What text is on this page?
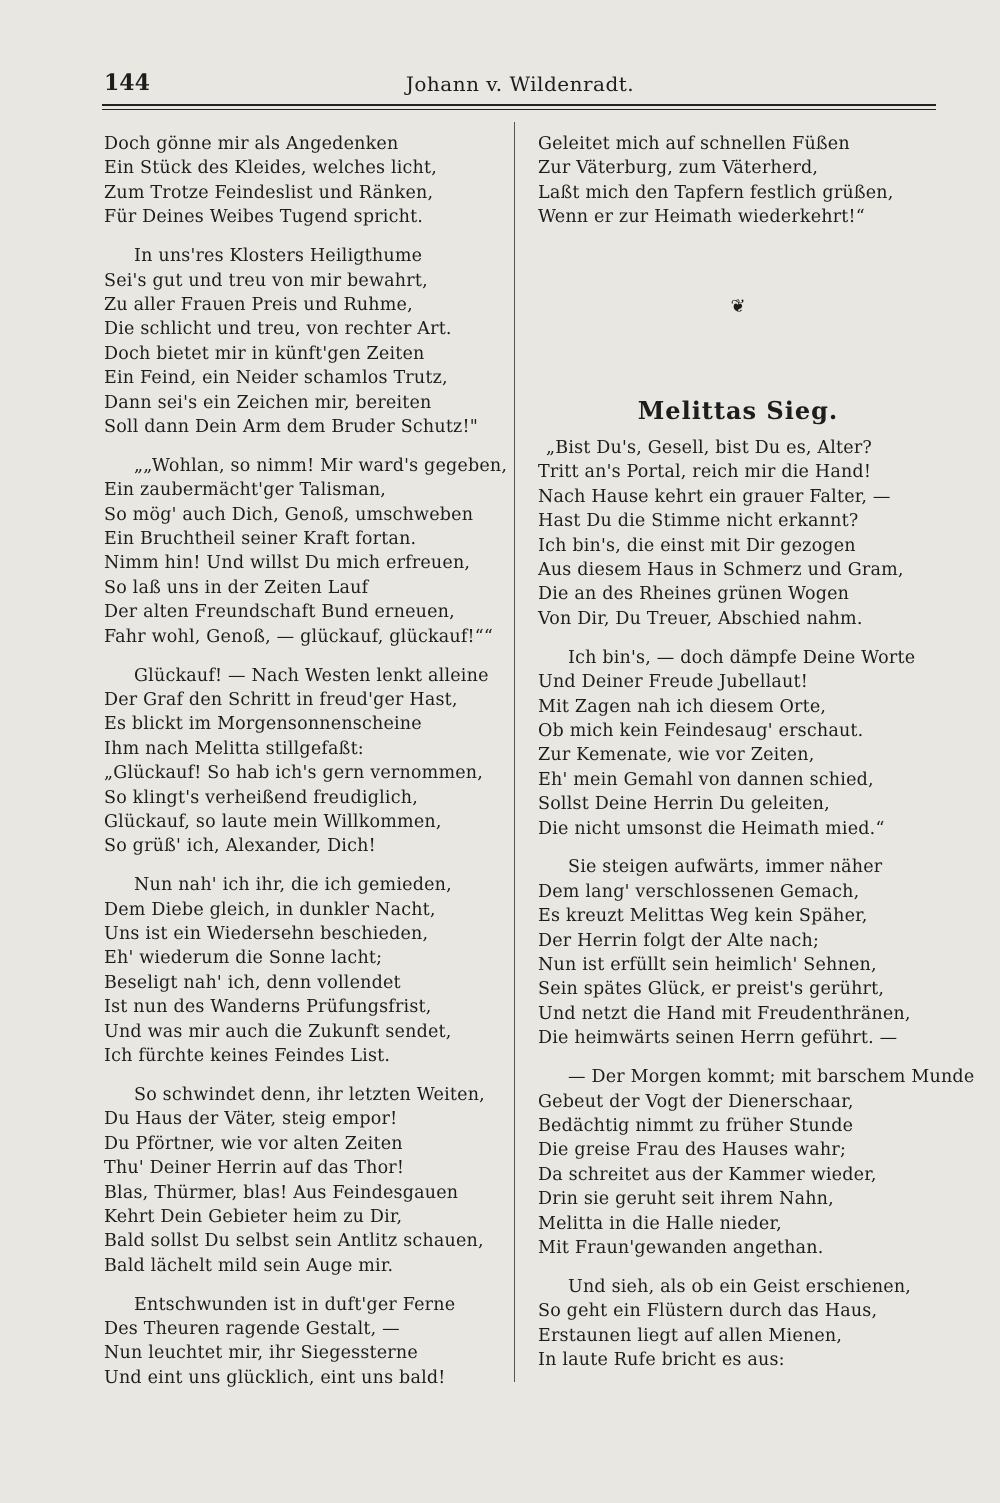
144	Johann v. Wildenradt.
Doch gönne mir als Angedenken
Ein Stück des Kleides, welches licht,
Zum Trotze Feindeslist und Ränken,
Für Deines Weibes Tugend spricht.
In uns'res Klosters Heiligthume
Sei's gut und treu von mir bewahrt,
Zu aller Frauen Preis und Ruhme,
Die schlicht und treu, von rechter Art.
Doch bietet mir in künft'gen Zeiten
Ein Feind, ein Neider schamlos Trutz,
Dann sei's ein Zeichen mir, bereiten
Soll dann Dein Arm dem Bruder Schutz!"
„„Wohlan, so nimm! Mir ward's gegeben,
Ein zaubermächt'ger Talisman,
So mög' auch Dich, Genoß, umschweben
Ein Bruchtheil seiner Kraft fortan.
Nimm hin! Und willst Du mich erfreuen,
So laß uns in der Zeiten Lauf
Der alten Freundschaft Bund erneuen,
Fahr wohl, Genoß, — glückauf, glückauf!““
Glückauf! — Nach Westen lenkt alleine
Der Graf den Schritt in freud'ger Hast,
Es blickt im Morgensonnenscheine
Ihm nach Melitta stillgefaßt:
„Glückauf! So hab ich's gern vernommen,
So klingt's verheißend freudiglich,
Glückauf, so laute mein Willkommen,
So grüß' ich, Alexander, Dich!
Nun nah' ich ihr, die ich gemieden,
Dem Diebe gleich, in dunkler Nacht,
Uns ist ein Wiedersehn beschieden,
Eh' wiederum die Sonne lacht;
Beseligt nah' ich, denn vollendet
Ist nun des Wanderns Prüfungsfrist,
Und was mir auch die Zukunft sendet,
Ich fürchte keines Feindes List.
So schwindet denn, ihr letzten Weiten,
Du Haus der Väter, steig empor!
Du Pförtner, wie vor alten Zeiten
Thu' Deiner Herrin auf das Thor!
Blas, Thürmer, blas! Aus Feindesgauen
Kehrt Dein Gebieter heim zu Dir,
Bald sollst Du selbst sein Antlitz schauen,
Bald lächelt mild sein Auge mir.
Entschwunden ist in duft'ger Ferne
Des Theuren ragende Gestalt, —
Nun leuchtet mir, ihr Siegessterne
Und eint uns glücklich, eint uns bald!
❦
Melittas Sieg.
Geleitet mich auf schnellen Füßen
Zur Väterburg, zum Väterherd,
Laßt mich den Tapfern festlich grüßen,
Wenn er zur Heimath wiederkehrt!“
„Bist Du's, Gesell, bist Du es, Alter?
Tritt an's Portal, reich mir die Hand!
Nach Hause kehrt ein grauer Falter, —
Hast Du die Stimme nicht erkannt?
Ich bin's, die einst mit Dir gezogen
Aus diesem Haus in Schmerz und Gram,
Die an des Rheines grünen Wogen
Von Dir, Du Treuer, Abschied nahm.
Ich bin's, — doch dämpfe Deine Worte
Und Deiner Freude Jubellaut!
Mit Zagen nah ich diesem Orte,
Ob mich kein Feindesaug' erschaut.
Zur Kemenate, wie vor Zeiten,
Eh' mein Gemahl von dannen schied,
Sollst Deine Herrin Du geleiten,
Die nicht umsonst die Heimath mied.“
Sie steigen aufwärts, immer näher
Dem lang' verschlossenen Gemach,
Es kreuzt Melittas Weg kein Späher,
Der Herrin folgt der Alte nach;
Nun ist erfüllt sein heimlich' Sehnen,
Sein spätes Glück, er preist's gerührt,
Und netzt die Hand mit Freudenthränen,
Die heimwärts seinen Herrn geführt. —
— Der Morgen kommt; mit barschem Munde
Gebeut der Vogt der Dienerschaar,
Bedächtig nimmt zu früher Stunde
Die greise Frau des Hauses wahr;
Da schreitet aus der Kammer wieder,
Drin sie geruht seit ihrem Nahn,
Melitta in die Halle nieder,
Mit Fraun'gewanden angethan.
Und sieh, als ob ein Geist erschienen,
So geht ein Flüstern durch das Haus,
Erstaunen liegt auf allen Mienen,
In laute Rufe bricht es aus:
